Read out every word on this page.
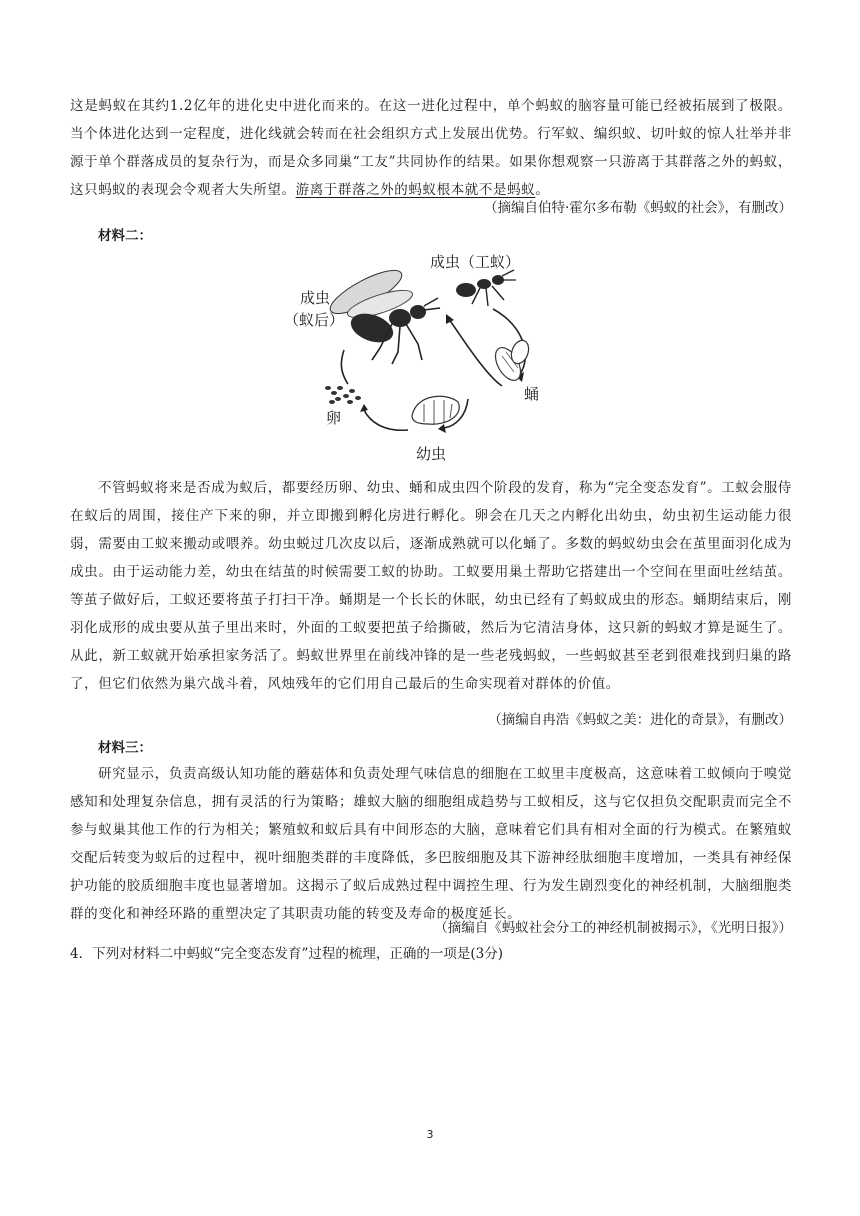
这是蚂蚁在其约1.2亿年的进化史中进化而来的。在这一进化过程中，单个蚂蚁的脑容量可能已经被拓展到了极限。当个体进化达到一定程度，进化线就会转而在社会组织方式上发展出优势。行军蚁、编织蚁、切叶蚁的惊人壮举并非源于单个群落成员的复杂行为，而是众多同巢“工友”共同协作的结果。如果你想观察一只游离于其群落之外的蚂蚁，这只蚂蚁的表现会令观者大失所望。游离于群落之外的蚂蚁根本就不是蚂蚁。

（摘编自伯特·霍尔多布勒《蚂蚁的社会》，有删改）
材料二：
成虫
（蚁后）
成虫（工蚁）
卵
幼虫
蛹

不管蚂蚁将来是否成为蚁后，都要经历卵、幼虫、蛹和成虫四个阶段的发育，称为“完全变态发育”。工蚁会服侍在蚁后的周围，接住产下来的卵，并立即搬到孵化房进行孵化。卵会在几天之内孵化出幼虫，幼虫初生运动能力很弱，需要由工蚁来搬动或喂养。幼虫蜕过几次皮以后，逐渐成熟就可以化蛹了。多数的蚂蚁幼虫会在茧里面羽化成为成虫。由于运动能力差，幼虫在结茧的时候需要工蚁的协助。工蚁要用巢土帮助它搭建出一个空间在里面吐丝结茧。等茧子做好后，工蚁还要将茧子打扫干净。蛹期是一个长长的休眠，幼虫已经有了蚂蚁成虫的形态。蛹期结束后，刚羽化成形的成虫要从茧子里出来时，外面的工蚁要把茧子给撕破，然后为它清洁身体，这只新的蚂蚁才算是诞生了。从此，新工蚁就开始承担家务活了。蚂蚁世界里在前线冲锋的是一些老残蚂蚁，一些蚂蚁甚至老到很难找到归巢的路了，但它们依然为巢穴战斗着，风烛残年的它们用自己最后的生命实现着对群体的价值。

（摘编自冉浩《蚂蚁之美：进化的奇景》，有删改）
材料三：

研究显示，负责高级认知功能的蘑菇体和负责处理气味信息的细胞在工蚁里丰度极高，这意味着工蚁倾向于嗅觉感知和处理复杂信息，拥有灵活的行为策略；雄蚁大脑的细胞组成趋势与工蚁相反，这与它仅担负交配职责而完全不参与蚁巢其他工作的行为相关；繁殖蚁和蚁后具有中间形态的大脑，意味着它们具有相对全面的行为模式。在繁殖蚁交配后转变为蚁后的过程中，视叶细胞类群的丰度降低，多巴胺细胞及其下游神经肽细胞丰度增加，一类具有神经保护功能的胶质细胞丰度也显著增加。这揭示了蚁后成熟过程中调控生理、行为发生剧烈变化的神经机制，大脑细胞类群的变化和神经环路的重塑决定了其职责功能的转变及寿命的极度延长。

（摘编自《蚂蚁社会分工的神经机制被揭示》，《光明日报》）
4．下列对材料二中蚂蚁“完全变态发育”过程的梳理，正确的一项是(3分)
3
